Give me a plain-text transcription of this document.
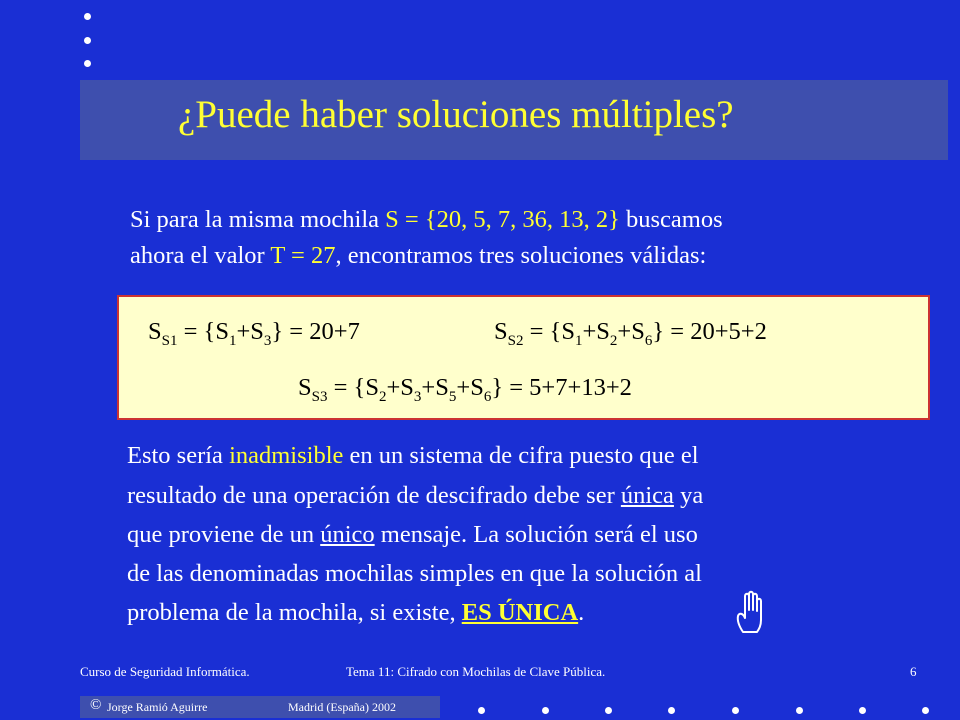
¿Puede haber soluciones múltiples?
Si para la misma mochila S = {20, 5, 7, 36, 13, 2} buscamos
ahora el valor T = 27, encontramos tres soluciones válidas:
$S_{S1} = \{S_1+S_3\} = 20+7$	$S_{S2} = \{S_1+S_2+S_6\} = 20+5+2$
$S_{S3} = \{S_2+S_3+S_5+S_6\} = 5+7+13+2$
Esto sería inadmisible en un sistema de cifra puesto que el
resultado de una operación de descifrado debe ser única ya
que proviene de un único mensaje. La solución será el uso
de las denominadas mochilas simples en que la solución al
problema de la mochila, si existe, ES ÚNICA.
Curso de Seguridad Informática.	Tema 11: Cifrado con Mochilas de Clave Pública.	6
© Jorge Ramió Aguirre	Madrid (España) 2002
